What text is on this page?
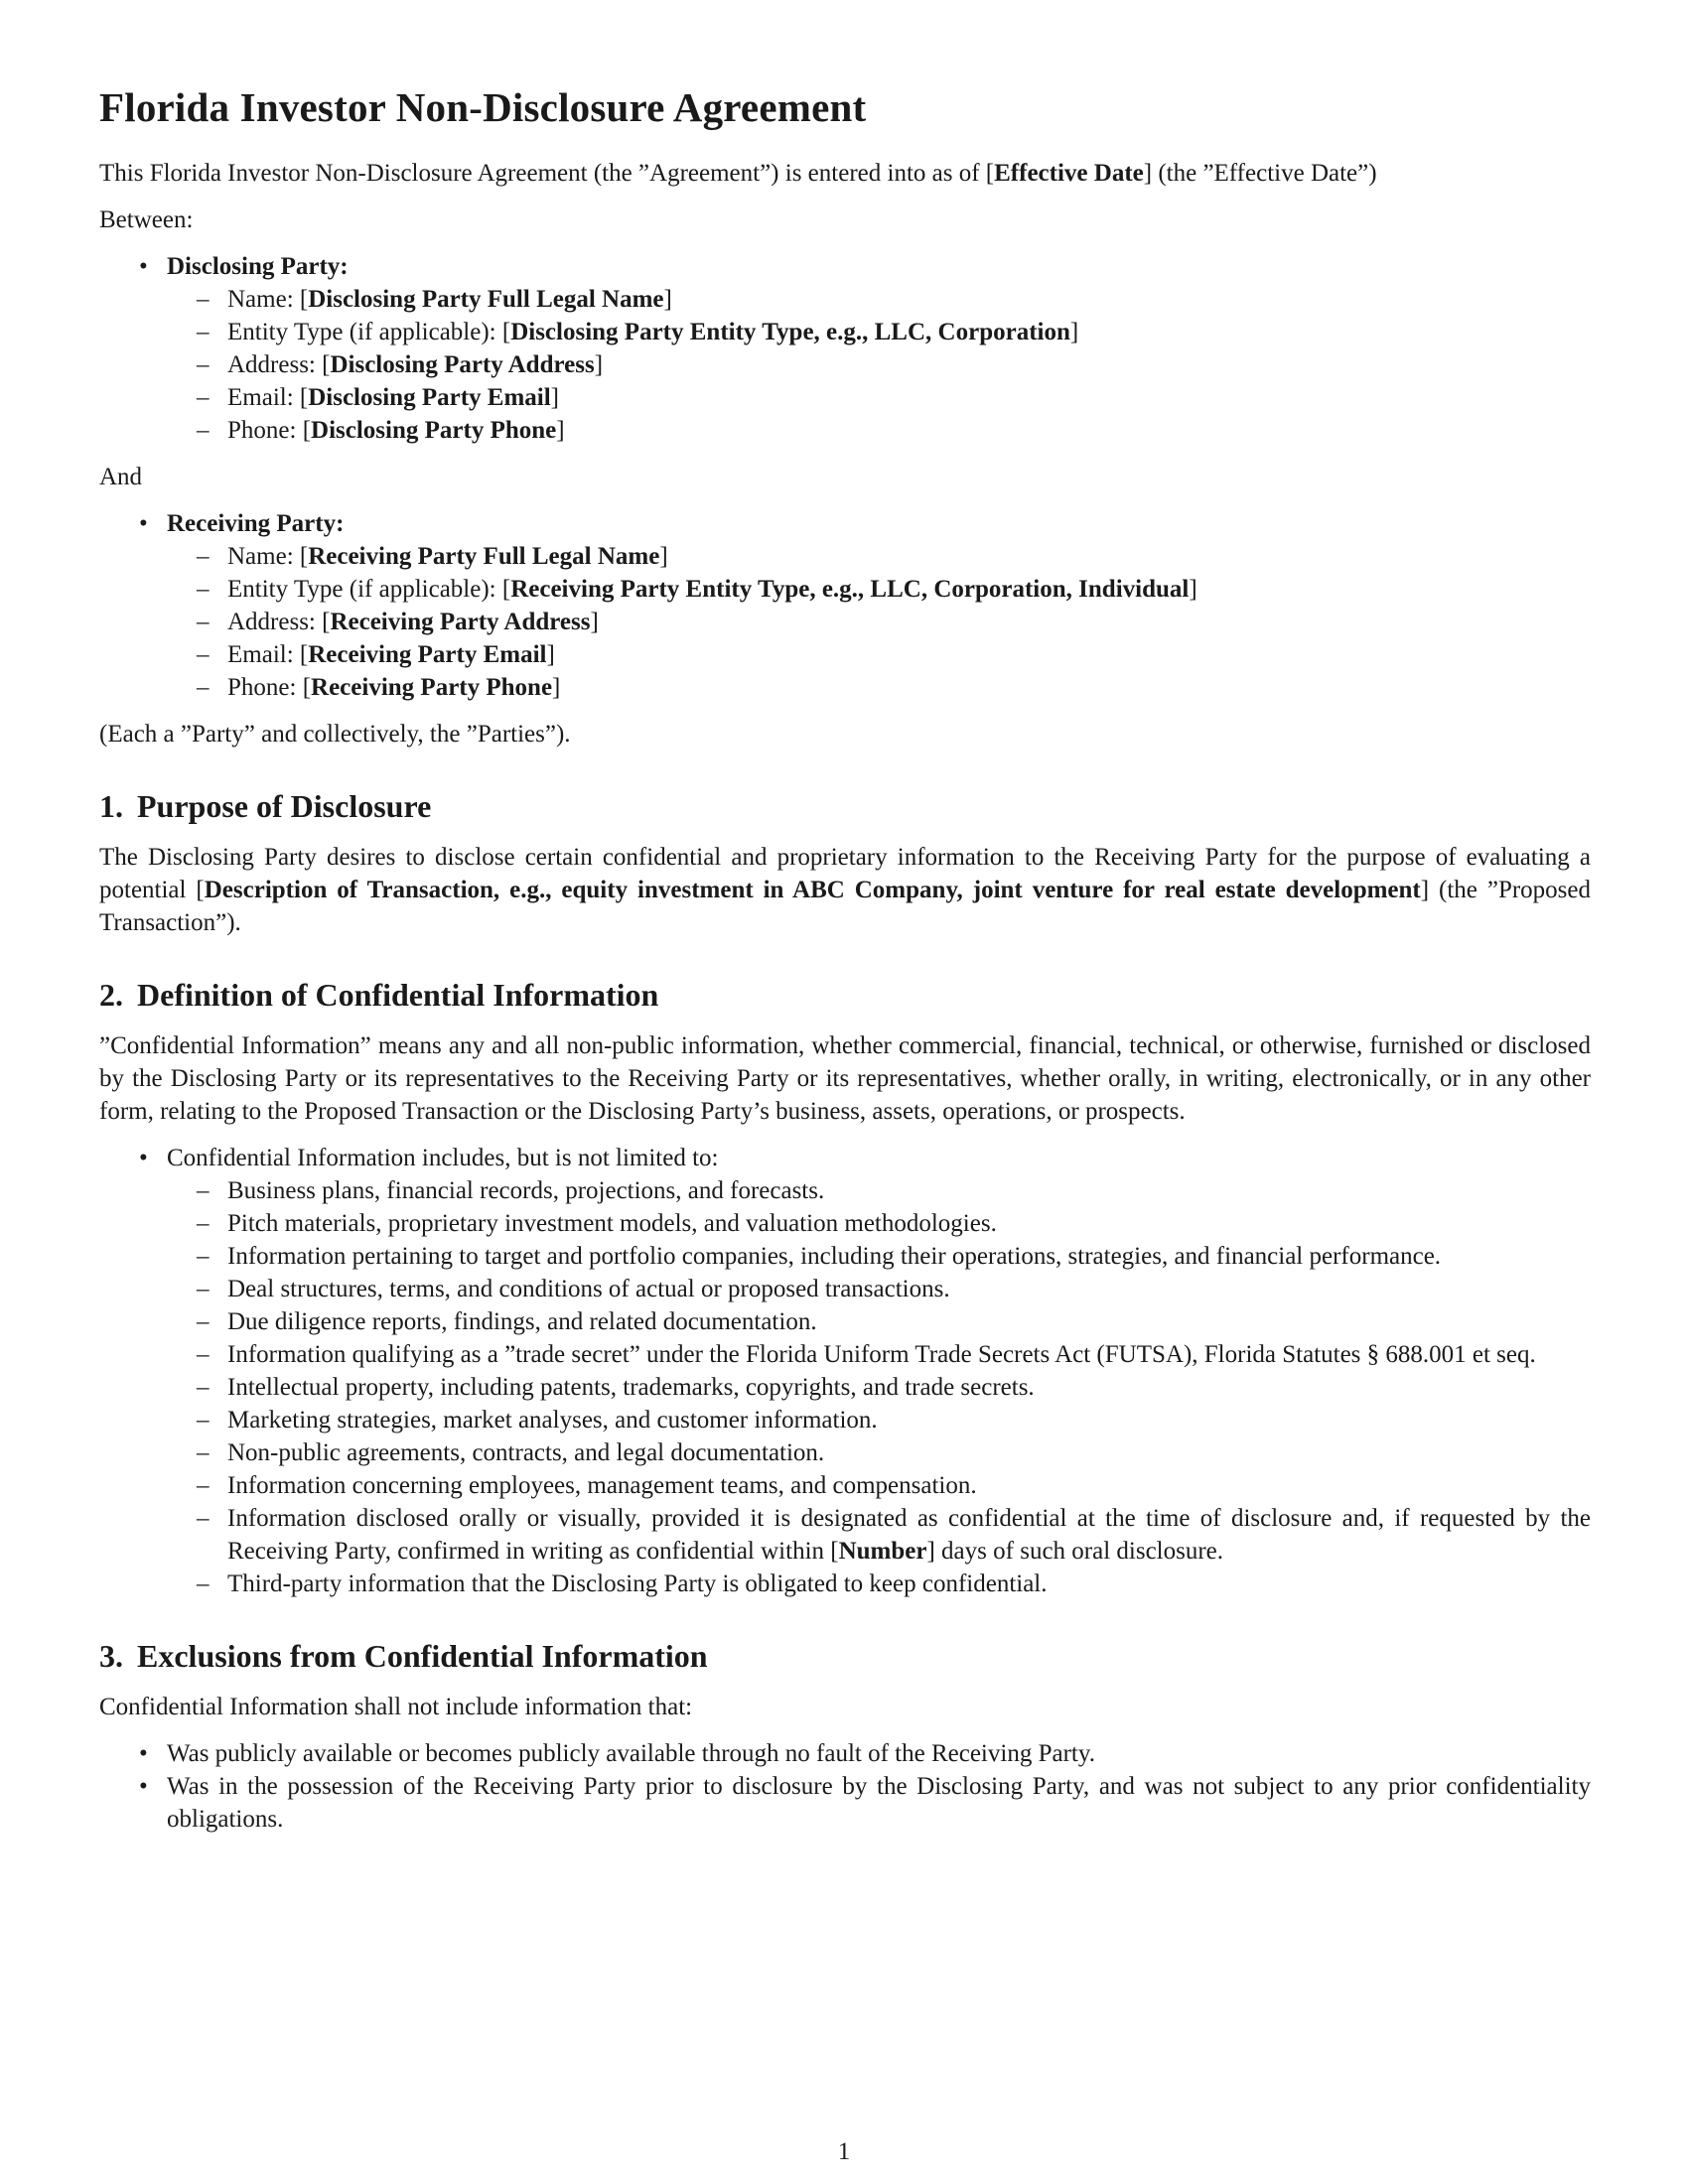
Florida Investor Non-Disclosure Agreement

This Florida Investor Non-Disclosure Agreement (the ”Agreement”) is entered into as of [Effective Date] (the ”Effective Date”)

Between:

• Disclosing Party:
– Name: [Disclosing Party Full Legal Name]
– Entity Type (if applicable): [Disclosing Party Entity Type, e.g., LLC, Corporation]
– Address: [Disclosing Party Address]
– Email: [Disclosing Party Email]
– Phone: [Disclosing Party Phone]

And

• Receiving Party:
– Name: [Receiving Party Full Legal Name]
– Entity Type (if applicable): [Receiving Party Entity Type, e.g., LLC, Corporation, Individual]
– Address: [Receiving Party Address]
– Email: [Receiving Party Email]
– Phone: [Receiving Party Phone]

(Each a ”Party” and collectively, the ”Parties”).

1. Purpose of Disclosure

The Disclosing Party desires to disclose certain confidential and proprietary information to the Receiving Party for the purpose of evaluating a potential [Description of Transaction, e.g., equity investment in ABC Company, joint venture for real estate development] (the ”Proposed Transaction”).

2. Definition of Confidential Information

”Confidential Information” means any and all non-public information, whether commercial, financial, technical, or otherwise, furnished or disclosed by the Disclosing Party or its representatives to the Receiving Party or its representatives, whether orally, in writing, electronically, or in any other form, relating to the Proposed Transaction or the Disclosing Party’s business, assets, operations, or prospects.

• Confidential Information includes, but is not limited to:
– Business plans, financial records, projections, and forecasts.
– Pitch materials, proprietary investment models, and valuation methodologies.
– Information pertaining to target and portfolio companies, including their operations, strategies, and financial performance.
– Deal structures, terms, and conditions of actual or proposed transactions.
– Due diligence reports, findings, and related documentation.
– Information qualifying as a ”trade secret” under the Florida Uniform Trade Secrets Act (FUTSA), Florida Statutes § 688.001 et seq.
– Intellectual property, including patents, trademarks, copyrights, and trade secrets.
– Marketing strategies, market analyses, and customer information.
– Non-public agreements, contracts, and legal documentation.
– Information concerning employees, management teams, and compensation.
– Information disclosed orally or visually, provided it is designated as confidential at the time of disclosure and, if requested by the Receiving Party, confirmed in writing as confidential within [Number] days of such oral disclosure.
– Third-party information that the Disclosing Party is obligated to keep confidential.
3. Exclusions from Confidential Information

Confidential Information shall not include information that:

• Was publicly available or becomes publicly available through no fault of the Receiving Party.
• Was in the possession of the Receiving Party prior to disclosure by the Disclosing Party, and was not subject to any prior confidentiality obligations.
1
